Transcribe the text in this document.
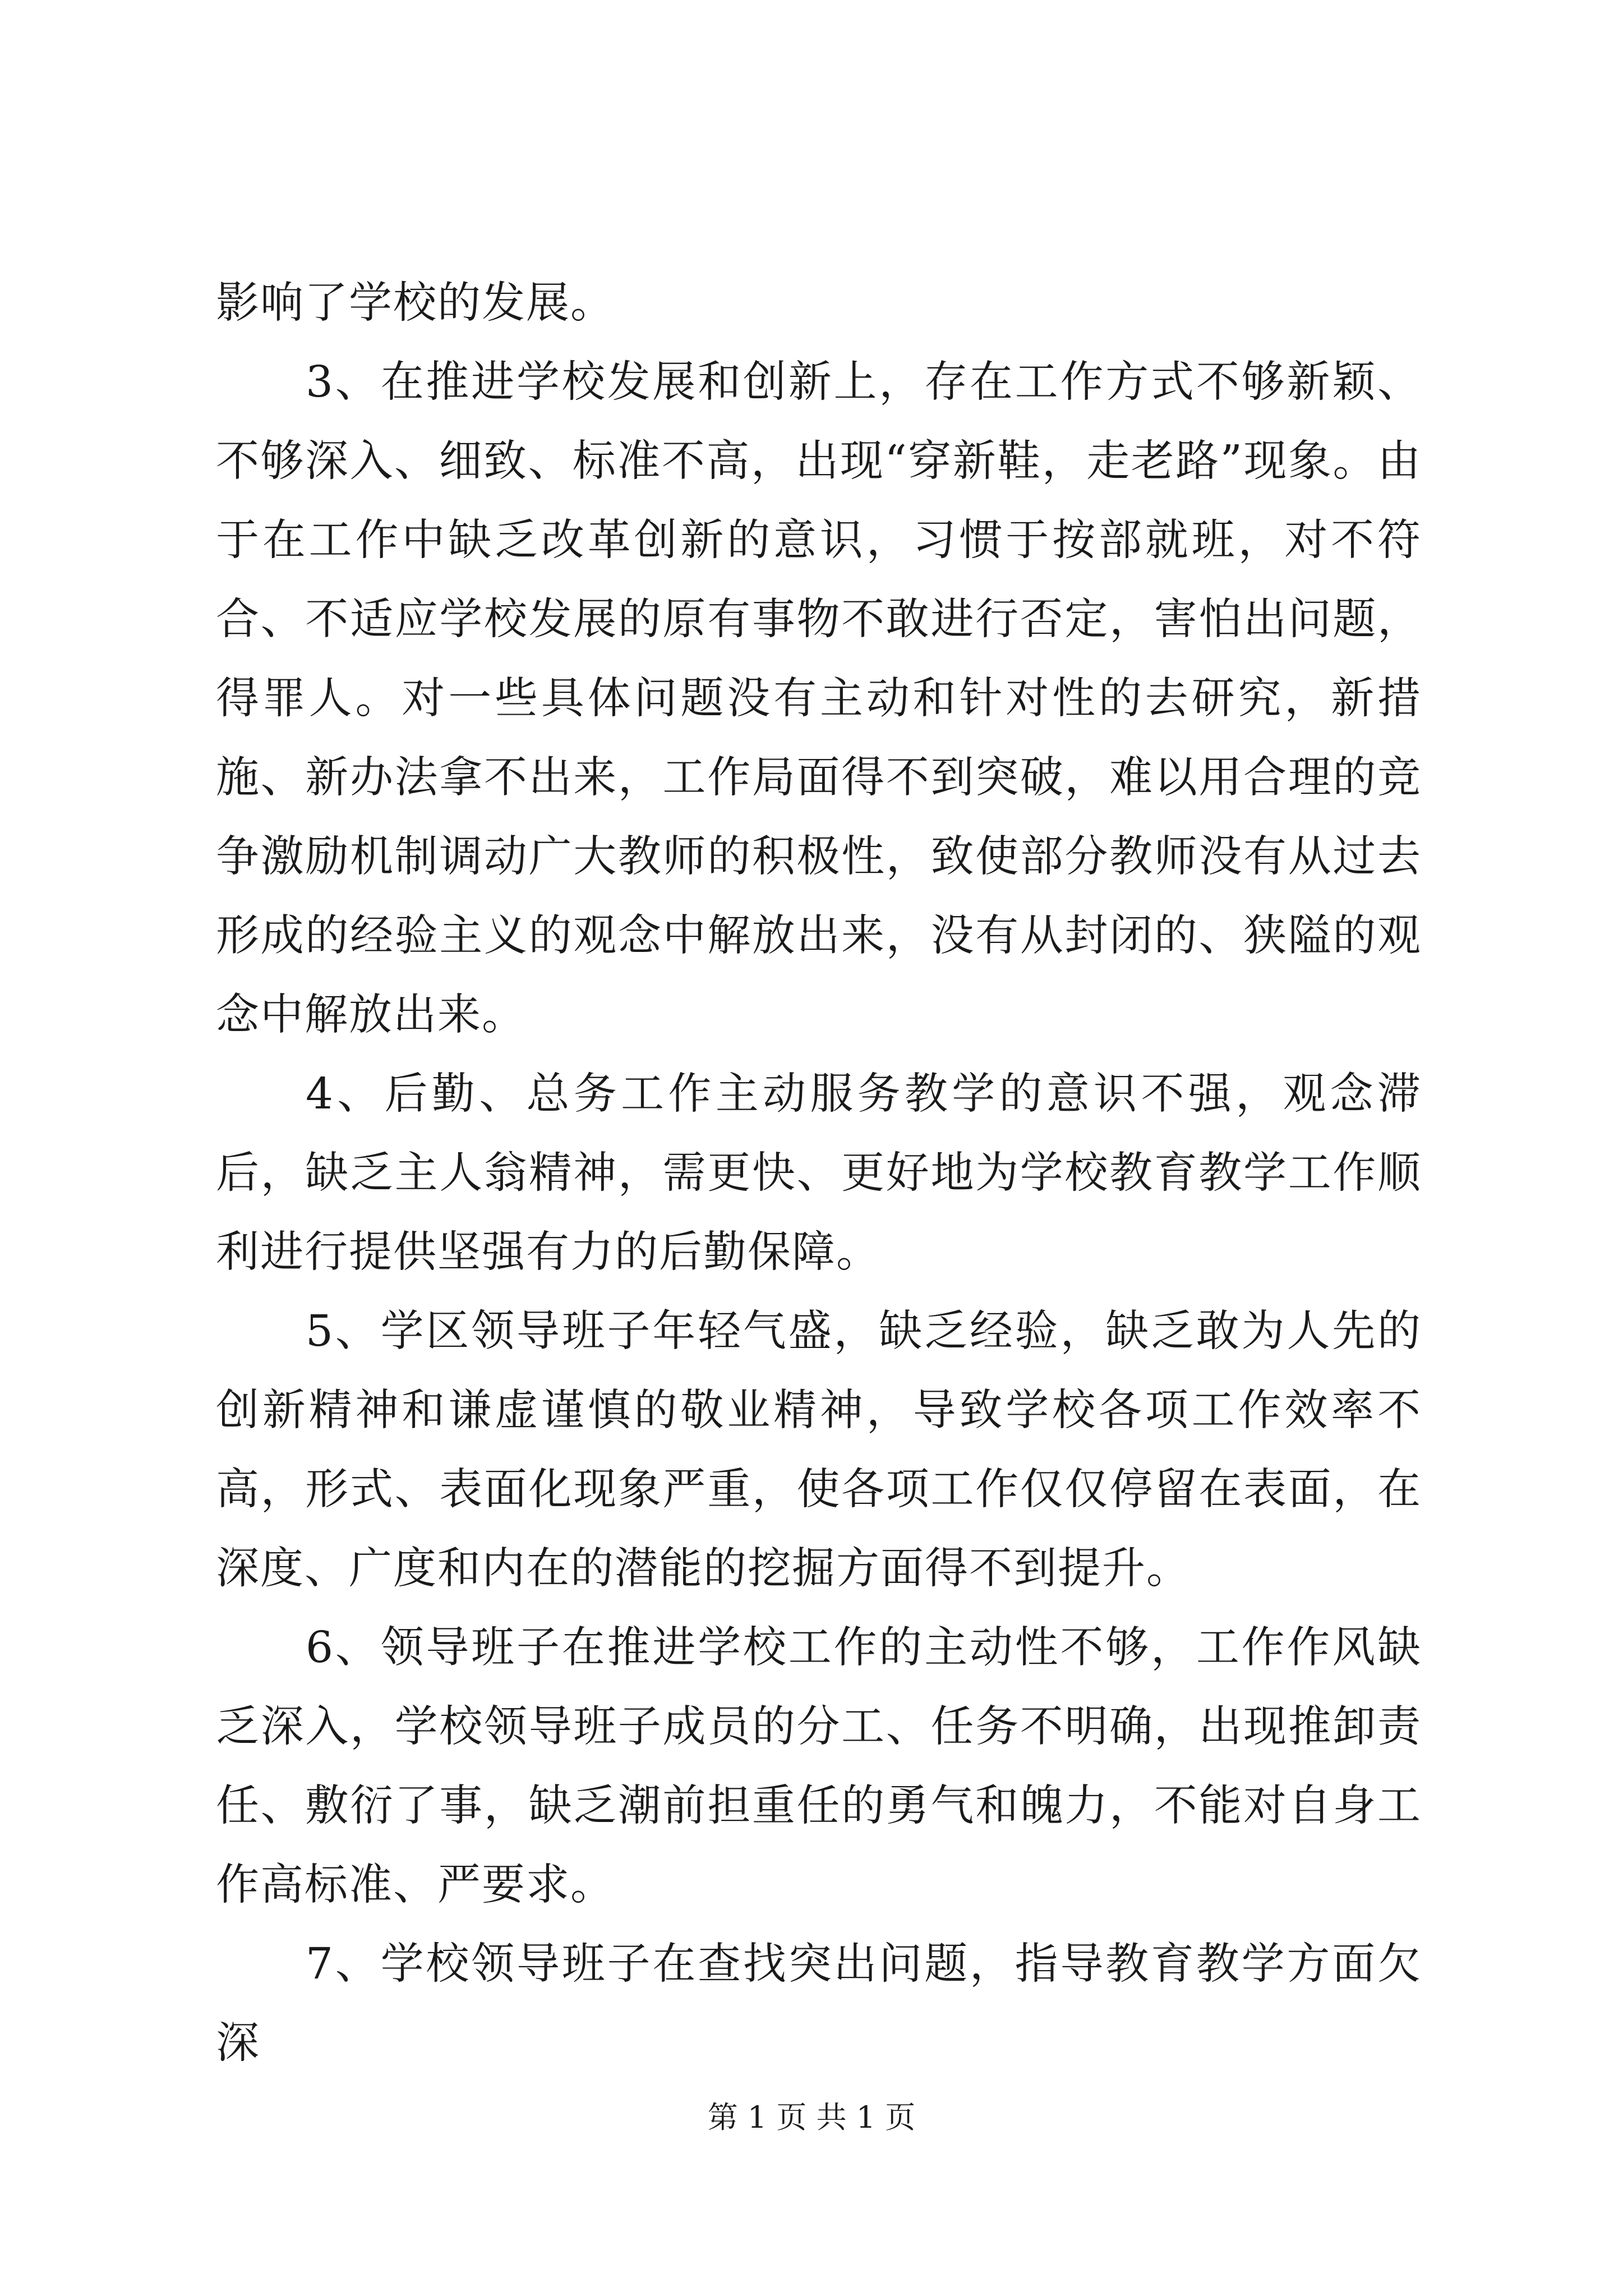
影响了学校的发展。

3、在推进学校发展和创新上，存在工作方式不够新颖、不够深入、细致、标准不高，出现“穿新鞋，走老路”现象。由于在工作中缺乏改革创新的意识，习惯于按部就班，对不符合、不适应学校发展的原有事物不敢进行否定，害怕出问题，得罪人。对一些具体问题没有主动和针对性的去研究，新措施、新办法拿不出来，工作局面得不到突破，难以用合理的竞争激励机制调动广大教师的积极性，致使部分教师没有从过去形成的经验主义的观念中解放出来，没有从封闭的、狭隘的观念中解放出来。

4、后勤、总务工作主动服务教学的意识不强，观念滞后，缺乏主人翁精神，需更快、更好地为学校教育教学工作顺利进行提供坚强有力的后勤保障。

5、学区领导班子年轻气盛，缺乏经验，缺乏敢为人先的创新精神和谦虚谨慎的敬业精神，导致学校各项工作效率不高，形式、表面化现象严重，使各项工作仅仅停留在表面，在深度、广度和内在的潜能的挖掘方面得不到提升。

6、领导班子在推进学校工作的主动性不够，工作作风缺乏深入，学校领导班子成员的分工、任务不明确，出现推卸责任、敷衍了事，缺乏潮前担重任的勇气和魄力，不能对自身工作高标准、严要求。

7、学校领导班子在查找突出问题，指导教育教学方面欠深

第 1 页 共 1 页
